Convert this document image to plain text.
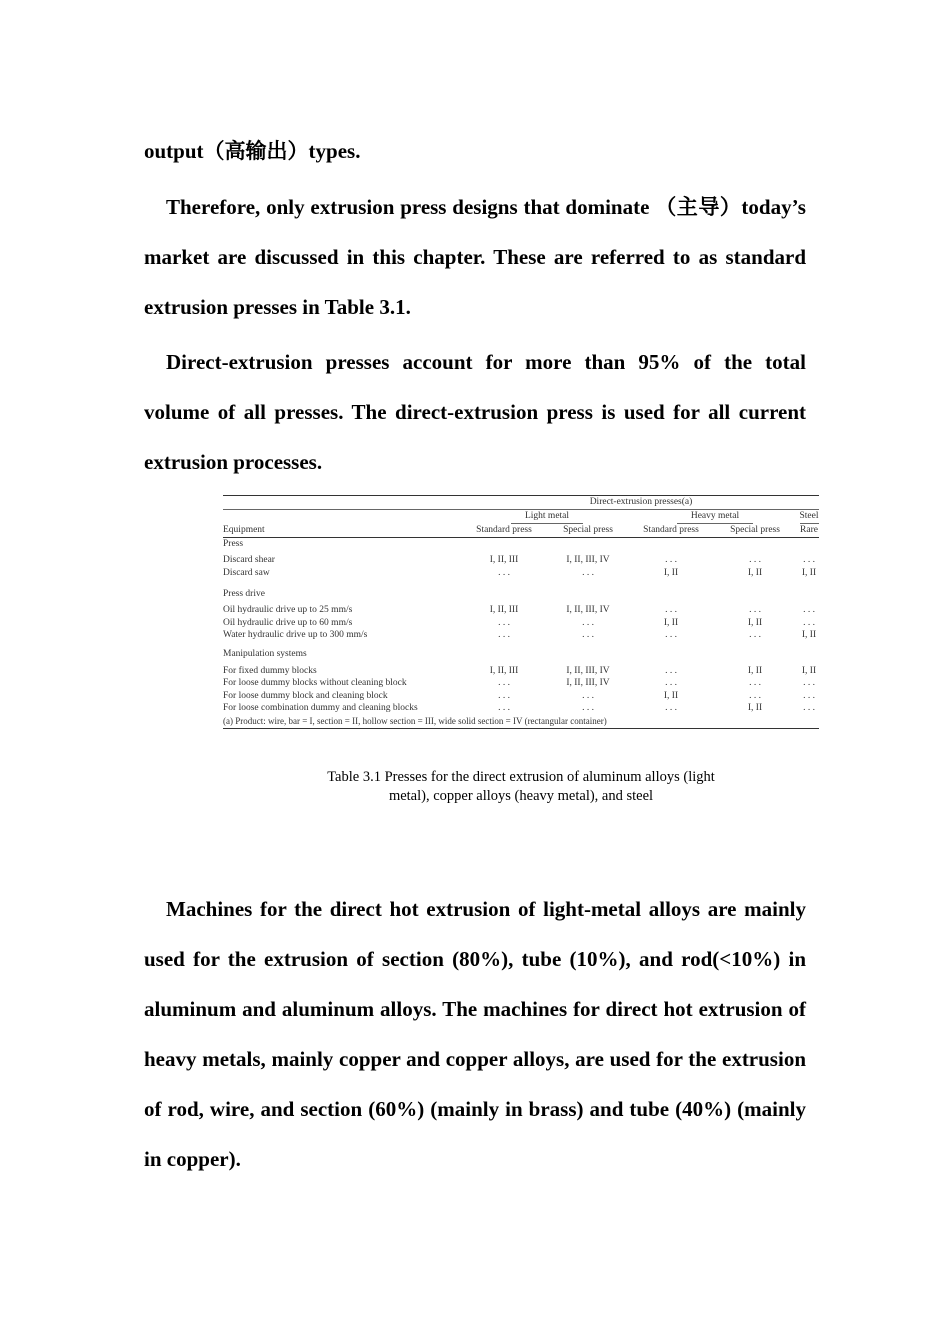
output（高输出）types.

Therefore, only extrusion press designs that dominate （主导）today’s market are discussed in this chapter. These are referred to as standard extrusion presses in Table 3.1.

Direct-extrusion presses account for more than 95% of the total volume of all presses. The direct-extrusion press is used for all current extrusion processes.

	Direct-extrusion presses(a)				
	Light metal		Heavy metal		Steel
Equipment	Standard press	Special press	Standard press	Special press	Rare
Press					

Discard shear	I, II, III	I, II, III, IV	. . .	. . .	. . .
Discard saw	. . .	. . .	I, II	I, II	I, II
Press drive					

Oil hydraulic drive up to 25 mm/s	I, II, III	I, II, III, IV	. . .	. . .	. . .
Oil hydraulic drive up to 60 mm/s	. . .	. . .	I, II	I, II	. . .
Water hydraulic drive up to 300 mm/s	. . .	. . .	. . .	. . .	I, II
Manipulation systems					

For fixed dummy blocks	I, II, III	I, II, III, IV	. . .	I, II	I, II
For loose dummy blocks without cleaning block	. . .	I, II, III, IV	. . .	. . .	. . .
For loose dummy block and cleaning block	. . .	. . .	I, II	. . .	. . .
For loose combination dummy and cleaning blocks	. . .	. . .	. . .	I, II	. . .
(a) Product: wire, bar = I, section = II, hollow section = III, wide solid section = IV (rectangular container)					
Table 3.1 Presses for the direct extrusion of aluminum alloys (light
metal), copper alloys (heavy metal), and steel

Machines for the direct hot extrusion of light-metal alloys are mainly used for the extrusion of section (80%), tube (10%), and rod(<10%) in aluminum and aluminum alloys. The machines for direct hot extrusion of heavy metals, mainly copper and copper alloys, are used for the extrusion of rod, wire, and section (60%) (mainly in brass) and tube (40%) (mainly in copper).
